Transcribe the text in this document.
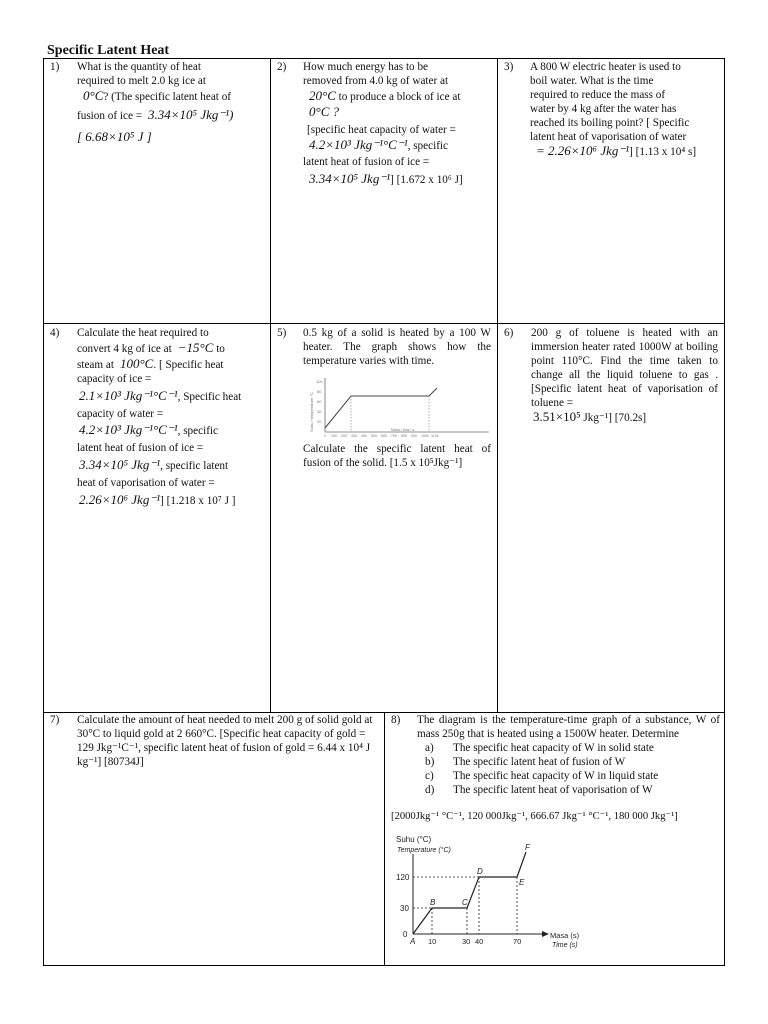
Specific Latent Heat
1) What is the quantity of heat

required to melt 2.0 kg ice at

0°C? (The specific latent heat of

fusion of ice = 3.34×10⁵ Jkg⁻¹)

[ 6.68×10⁵ J ]

2) How much energy has to be

removed from 4.0 kg of water at

20°C to produce a block of ice at

0°C ?

[specific heat capacity of water =

4.2×10³ Jkg⁻¹°C⁻¹, specific

latent heat of fusion of ice =

3.34×10⁵ Jkg⁻¹] [1.672 x 10⁶ J]

3) A 800 W electric heater is used to

boil water. What is the time

required to reduce the mass of

water by 4 kg after the water has

reached its boiling point? [ Specific

latent heat of vaporisation of water

= 2.26×10⁶ Jkg⁻¹] [1.13 x 10⁴ s]

4) Calculate the heat required to

convert 4 kg of ice at −15°C to

steam at 100°C. [ Specific heat

capacity of ice =

2.1×10³ Jkg⁻¹°C⁻¹, Specific heat

capacity of water =

4.2×10³ Jkg⁻¹°C⁻¹, specific

latent heat of fusion of ice =

3.34×10⁵ Jkg⁻¹, specific latent

heat of vaporisation of water =

2.26×10⁶ Jkg⁻¹] [1.218 x 10⁷ J ]

5) 0.5 kg of a solid is heated by a 100 W heater. The graph shows how the temperature varies with time.
Suhu / temperature °C 20
40
60
80
100
0 100 200 300 400 500 600 700 800 900 1000 1100
Masa / time / s
Calculate the specific latent heat of fusion of the solid. [1.5 x 10⁵Jkg⁻¹]
6) 200 g of toluene is heated with an immersion heater rated 1000W at boiling point 110°C. Find the time taken to change all the liquid toluene to gas . [Specific latent heat of vaporisation of toluene =

3.51×10⁵ Jkg⁻¹] [70.2s]

7) Calculate the amount of heat needed to melt 200 g of solid gold at 30°C to liquid gold at 2 660°C. [Specific heat capacity of gold = 129 Jkg⁻¹C⁻¹, specific latent heat of fusion of gold = 6.44 x 10⁴ J kg⁻¹] [80734J]
8) The diagram is the temperature-time graph of a substance, W of mass 250g that is heated using a 1500W heater. Determine

a)	The specific heat capacity of W in solid state
b)	The specific latent heat of fusion of W
c)	The specific heat capacity of W in liquid state
d)	The specific latent heat of vaporisation of W
[2000Jkg⁻¹ °C⁻¹, 120 000Jkg⁻¹, 666.67 Jkg⁻¹ °C⁻¹, 180 000 Jkg⁻¹]
Suhu (°C)
Temperature (°C)
120
30
0
A
B	C
D
E
F
10	30 40	70
Masa (s)
Time (s)
